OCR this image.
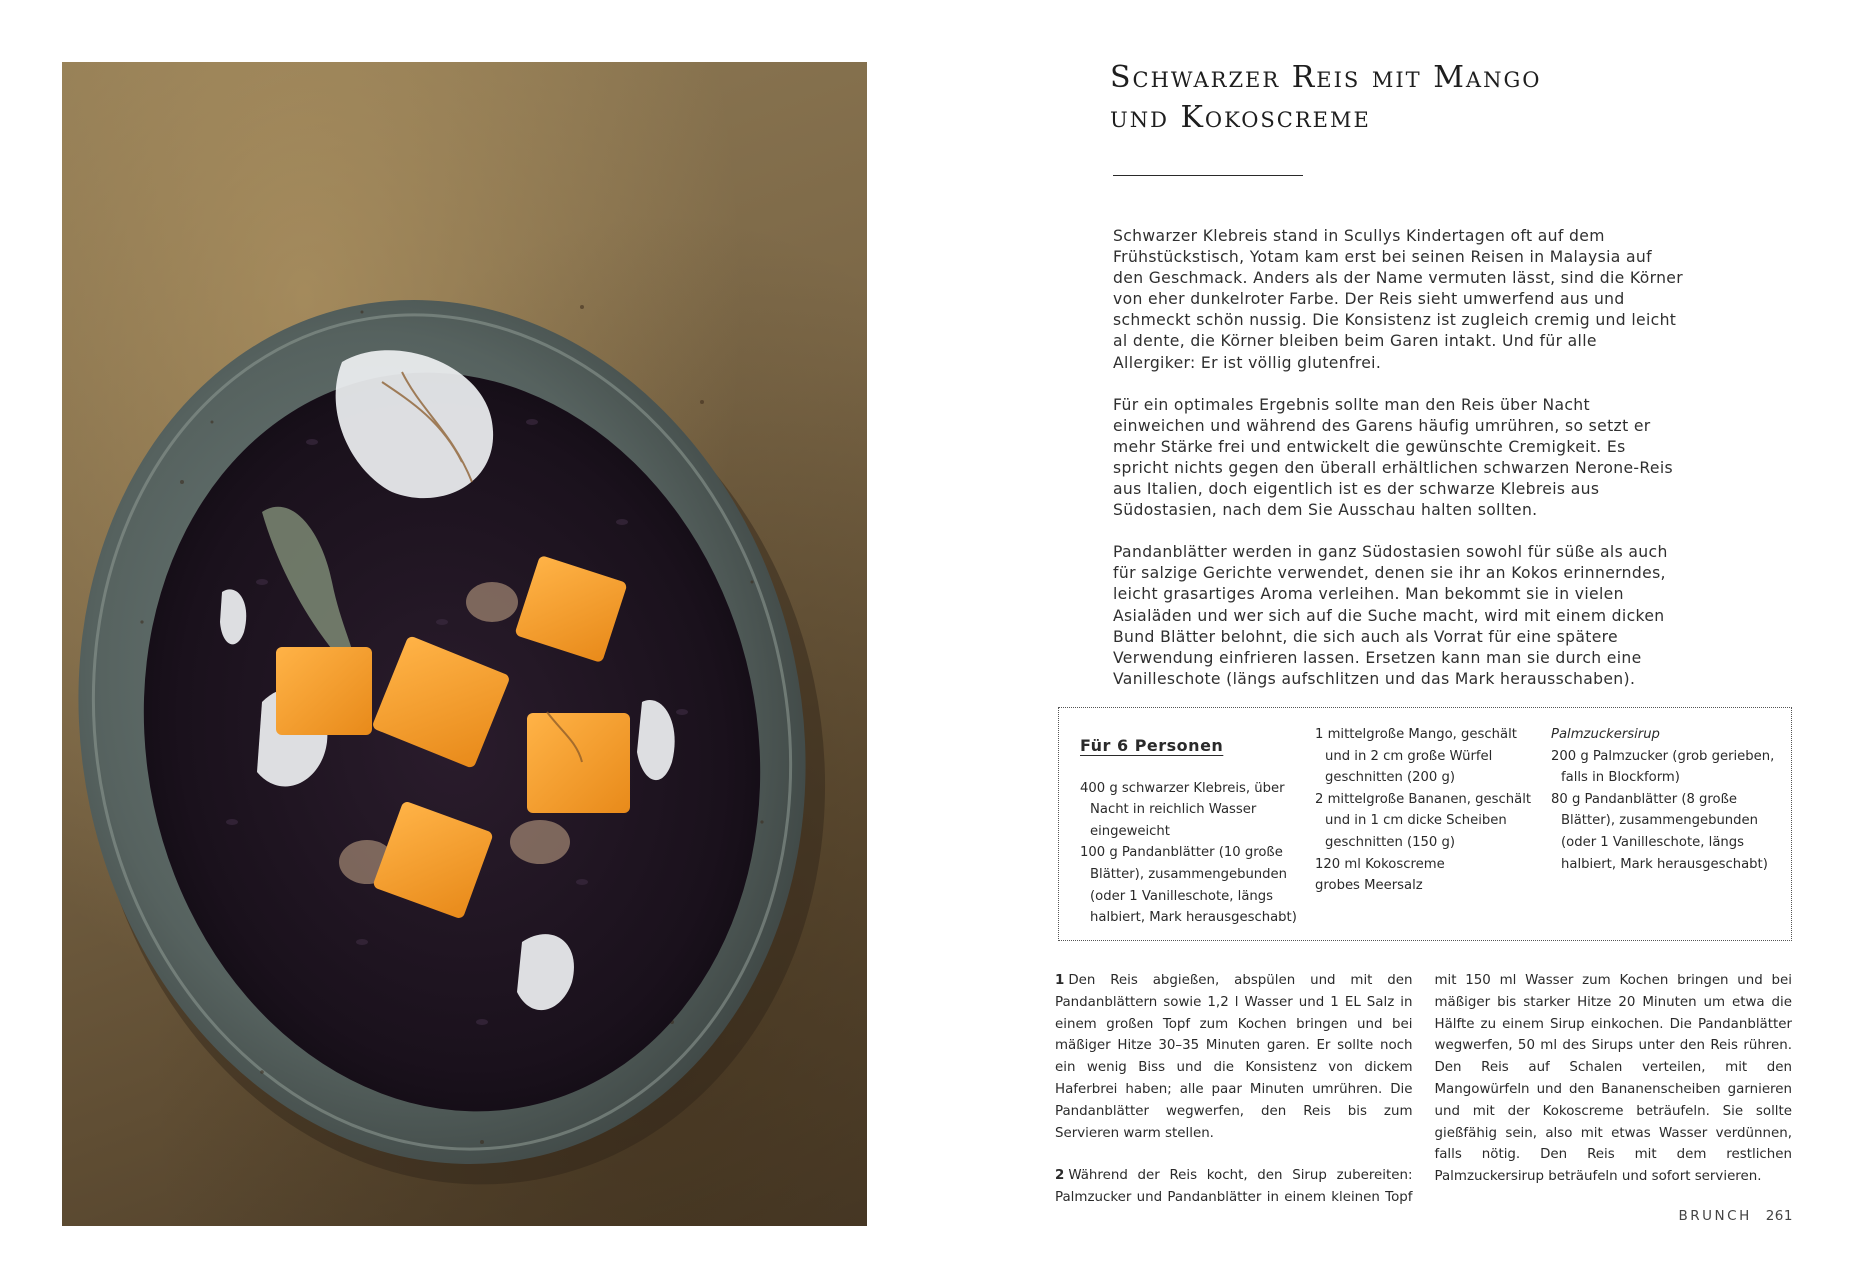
Schwarzer Reis mit Mango
und Kokoscreme

Schwarzer Klebreis stand in Scullys Kindertagen oft auf dem Frühstückstisch, Yotam kam erst bei seinen Reisen in Malaysia auf den Geschmack. Anders als der Name vermuten lässt, sind die Körner von eher dunkelroter Farbe. Der Reis sieht umwerfend aus und schmeckt schön nussig. Die Konsistenz ist zugleich cremig und leicht al dente, die Körner bleiben beim Garen intakt. Und für alle Allergiker: Er ist völlig glutenfrei.

Für ein optimales Ergebnis sollte man den Reis über Nacht einweichen und während des Garens häufig umrühren, so setzt er mehr Stärke frei und entwickelt die gewünschte Cremigkeit. Es spricht nichts gegen den überall erhältlichen schwarzen Nerone-Reis aus Italien, doch eigentlich ist es der schwarze Klebreis aus Südostasien, nach dem Sie Ausschau halten sollten.

Pandanblätter werden in ganz Südostasien sowohl für süße als auch für salzige Gerichte verwendet, denen sie ihr an Kokos erinnerndes, leicht grasartiges Aroma verleihen. Man bekommt sie in vielen Asialäden und wer sich auf die Suche macht, wird mit einem dicken Bund Blätter belohnt, die sich auch als Vorrat für eine spätere Verwendung einfrieren lassen. Ersetzen kann man sie durch eine Vanilleschote (längs aufschlitzen und das Mark herausschaben).

Für 6 Personen

400 g schwarzer Klebreis, über Nacht in reichlich Wasser eingeweicht

100 g Pandanblätter (10 große Blätter), zusammengebunden (oder 1 Vanilleschote, längs halbiert, Mark herausgeschabt)

1 mittelgroße Mango, geschält und in 2 cm große Würfel geschnitten (200 g)

2 mittelgroße Bananen, geschält und in 1 cm dicke Scheiben geschnitten (150 g)

120 ml Kokoscreme

grobes Meersalz

Palmzuckersirup

200 g Palmzucker (grob gerieben, falls in Blockform)

80 g Pandanblätter (8 große Blätter), zusammengebunden (oder 1 Vanilleschote, längs halbiert, Mark herausgeschabt)

1 Den Reis abgießen, abspülen und mit den Pandanblättern sowie 1,2 l Wasser und 1 EL Salz in einem großen Topf zum Kochen bringen und bei mäßiger Hitze 30–35 Minuten garen. Er sollte noch ein wenig Biss und die Konsistenz von dickem Haferbrei haben; alle paar Minuten umrühren. Die Pandanblätter wegwerfen, den Reis bis zum Servieren warm stellen.

2 Während der Reis kocht, den Sirup zubereiten: Palmzucker und Pandanblätter in einem kleinen Topf mit 150 ml Wasser zum Kochen bringen und bei mäßiger bis starker Hitze 20 Minuten um etwa die Hälfte zu einem Sirup einkochen. Die Pandanblätter wegwerfen, 50 ml des Sirups unter den Reis rühren. Den Reis auf Schalen verteilen, mit den Mangowürfeln und den Bananenscheiben garnieren und mit der Kokoscreme beträufeln. Sie sollte gießfähig sein, also mit etwas Wasser verdünnen, falls nötig. Den Reis mit dem restlichen Palmzuckersirup beträufeln und sofort servieren.

BRUNCH 261
